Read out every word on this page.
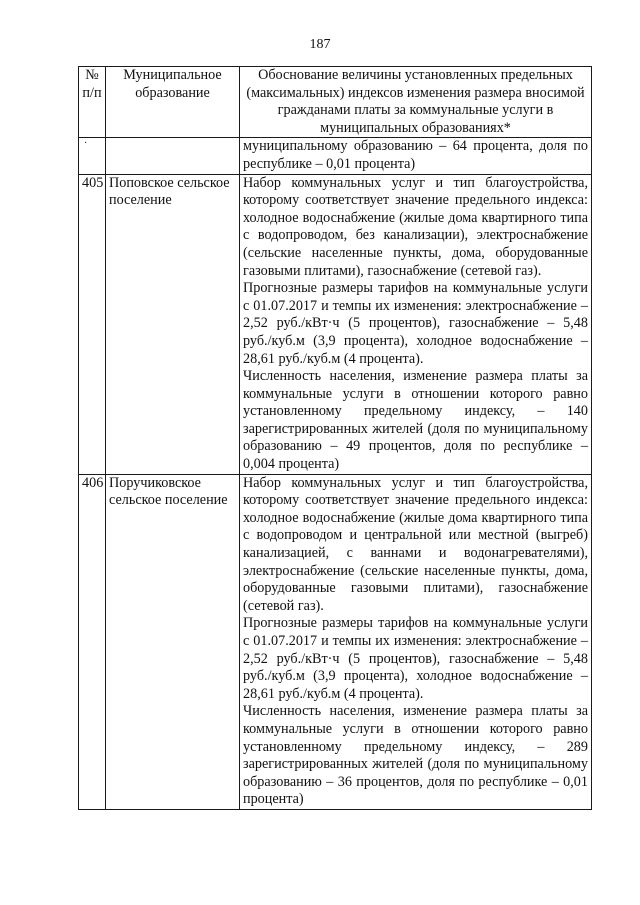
187
№
п/п	Муниципальное образование	Обоснование величины установленных предельных (максимальных) индексов изменения размера вносимой гражданами платы за коммунальные услуги в муниципальных образованиях*

·		муниципальному образованию – 64 процента, доля по республике – 0,01 процента)

405	Поповское сельское поселение	Набор коммунальных услуг и тип благоустройства, которому соответствует значение предельного индекса: холодное водоснабжение (жилые дома квартирного типа с водопроводом, без канализации), электроснабжение (сельские населенные пункты, дома, оборудованные газовыми плитами), газоснабжение (сетевой газ).

Прогнозные размеры тарифов на коммунальные услуги с 01.07.2017 и темпы их изменения: электроснабжение – 2,52 руб./кВт·ч (5 процентов), газоснабжение – 5,48 руб./куб.м (3,9 процента), холодное водоснабжение – 28,61 руб./куб.м (4 процента).

Численность населения, изменение размера платы за коммунальные услуги в отношении которого равно установленному предельному индексу, – 140 зарегистрированных жителей (доля по муниципальному образованию – 49 процентов, доля по республике – 0,004 процента)

406	Поручиковское сельское поселение	Набор коммунальных услуг и тип благоустройства, которому соответствует значение предельного индекса: холодное водоснабжение (жилые дома квартирного типа с водопроводом и центральной или местной (выгреб) канализацией, с ваннами и водонагревателями), электроснабжение (сельские населенные пункты, дома, оборудованные газовыми плитами), газоснабжение (сетевой газ).

Прогнозные размеры тарифов на коммунальные услуги с 01.07.2017 и темпы их изменения: электроснабжение – 2,52 руб./кВт·ч (5 процентов), газоснабжение – 5,48 руб./куб.м (3,9 процента), холодное водоснабжение – 28,61 руб./куб.м (4 процента).

Численность населения, изменение размера платы за коммунальные услуги в отношении которого равно установленному предельному индексу, – 289 зарегистрированных жителей (доля по муниципальному образованию – 36 процентов, доля по республике – 0,01 процента)
